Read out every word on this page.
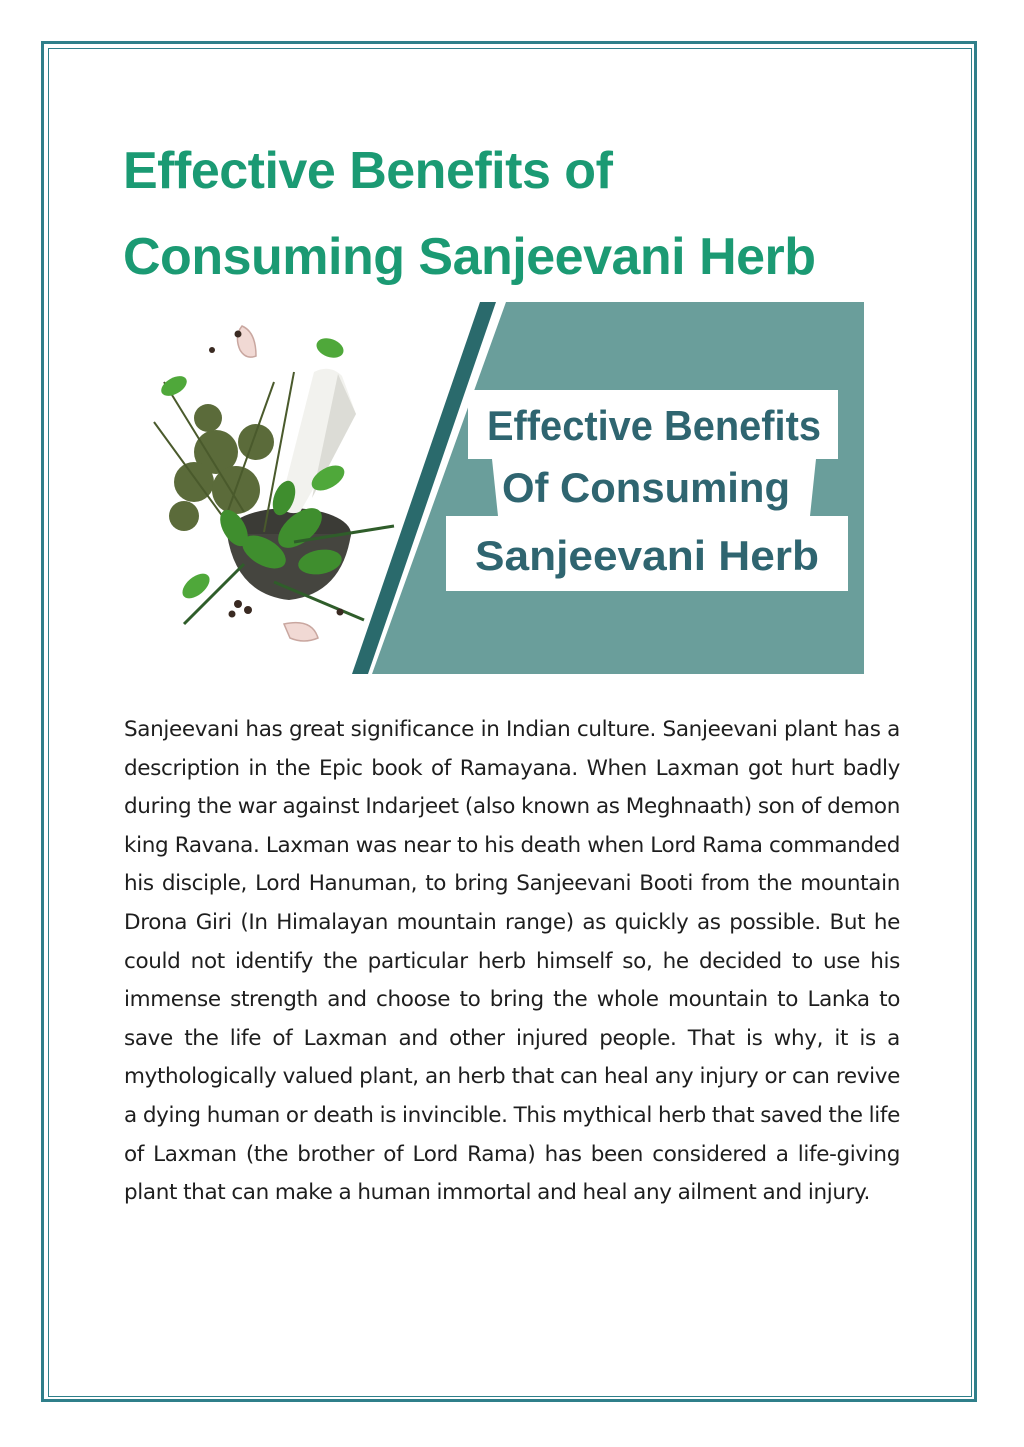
Effective Benefits of
Consuming Sanjeevani Herb
Effective Benefits
Of Consuming
Sanjeevani Herb

Sanjeevani has great significance in Indian culture. Sanjeevani plant has a description in the Epic book of Ramayana. When Laxman got hurt badly during the war against Indarjeet (also known as Meghnaath) son of demon king Ravana. Laxman was near to his death when Lord Rama commanded his disciple, Lord Hanuman, to bring Sanjeevani Booti from the mountain Drona Giri (In Himalayan mountain range) as quickly as possible. But he could not identify the particular herb himself so, he decided to use his immense strength and choose to bring the whole mountain to Lanka to save the life of Laxman and other injured people. That is why, it is a mythologically valued plant, an herb that can heal any injury or can revive a dying human or death is invincible. This mythical herb that saved the life of Laxman (the brother of Lord Rama) has been considered a life-giving plant that can make a human immortal and heal any ailment and injury.
